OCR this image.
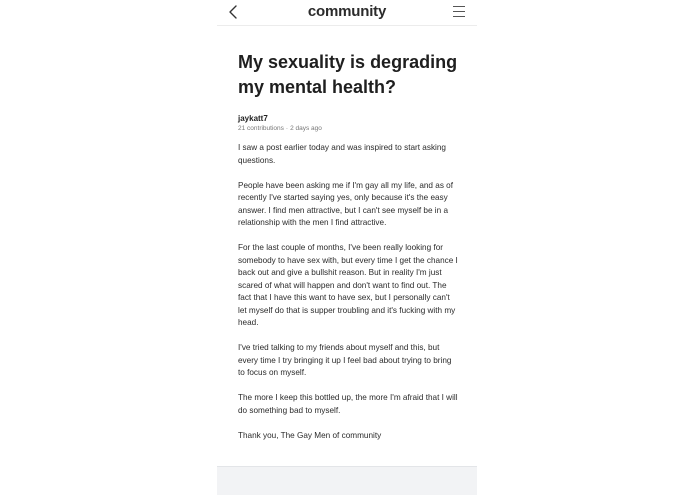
community
My sexuality is degrading my mental health?
jaykatt7
21 contributions · 2 days ago

I saw a post earlier today and was inspired to start asking questions.

People have been asking me if I'm gay all my life, and as of recently I've started saying yes, only because it's the easy answer. I find men attractive, but I can't see myself be in a relationship with the men I find attractive.

For the last couple of months, I've been really looking for somebody to have sex with, but every time I get the chance I back out and give a bullshit reason. But in reality I'm just scared of what will happen and don't want to find out. The fact that I have this want to have sex, but I personally can't let myself do that is supper troubling and it's fucking with my head.

I've tried talking to my friends about myself and this, but every time I try bringing it up I feel bad about trying to bring to focus on myself.

The more I keep this bottled up, the more I'm afraid that I will do something bad to myself.

Thank you, The Gay Men of community
